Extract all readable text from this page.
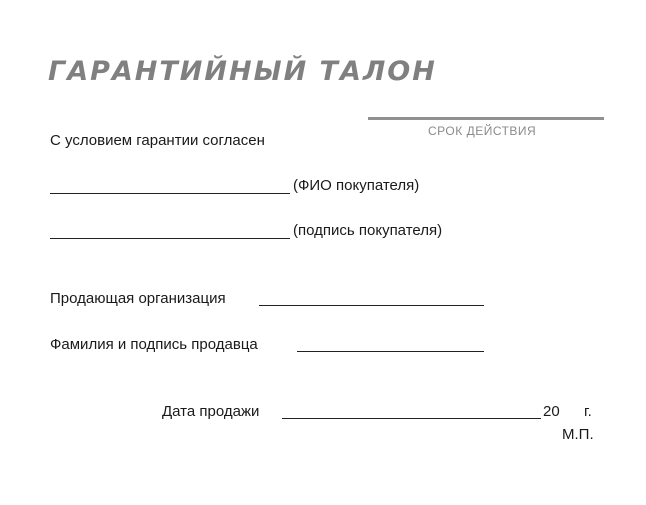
ГАРАНТИЙНЫЙ ТАЛОН
СРОК ДЕЙСТВИЯ
С условием гарантии согласен
(ФИО покупателя)
(подпись покупателя)
Продающая организация
Фамилия и подпись продавца
Дата продажи	20 г.
М.П.
